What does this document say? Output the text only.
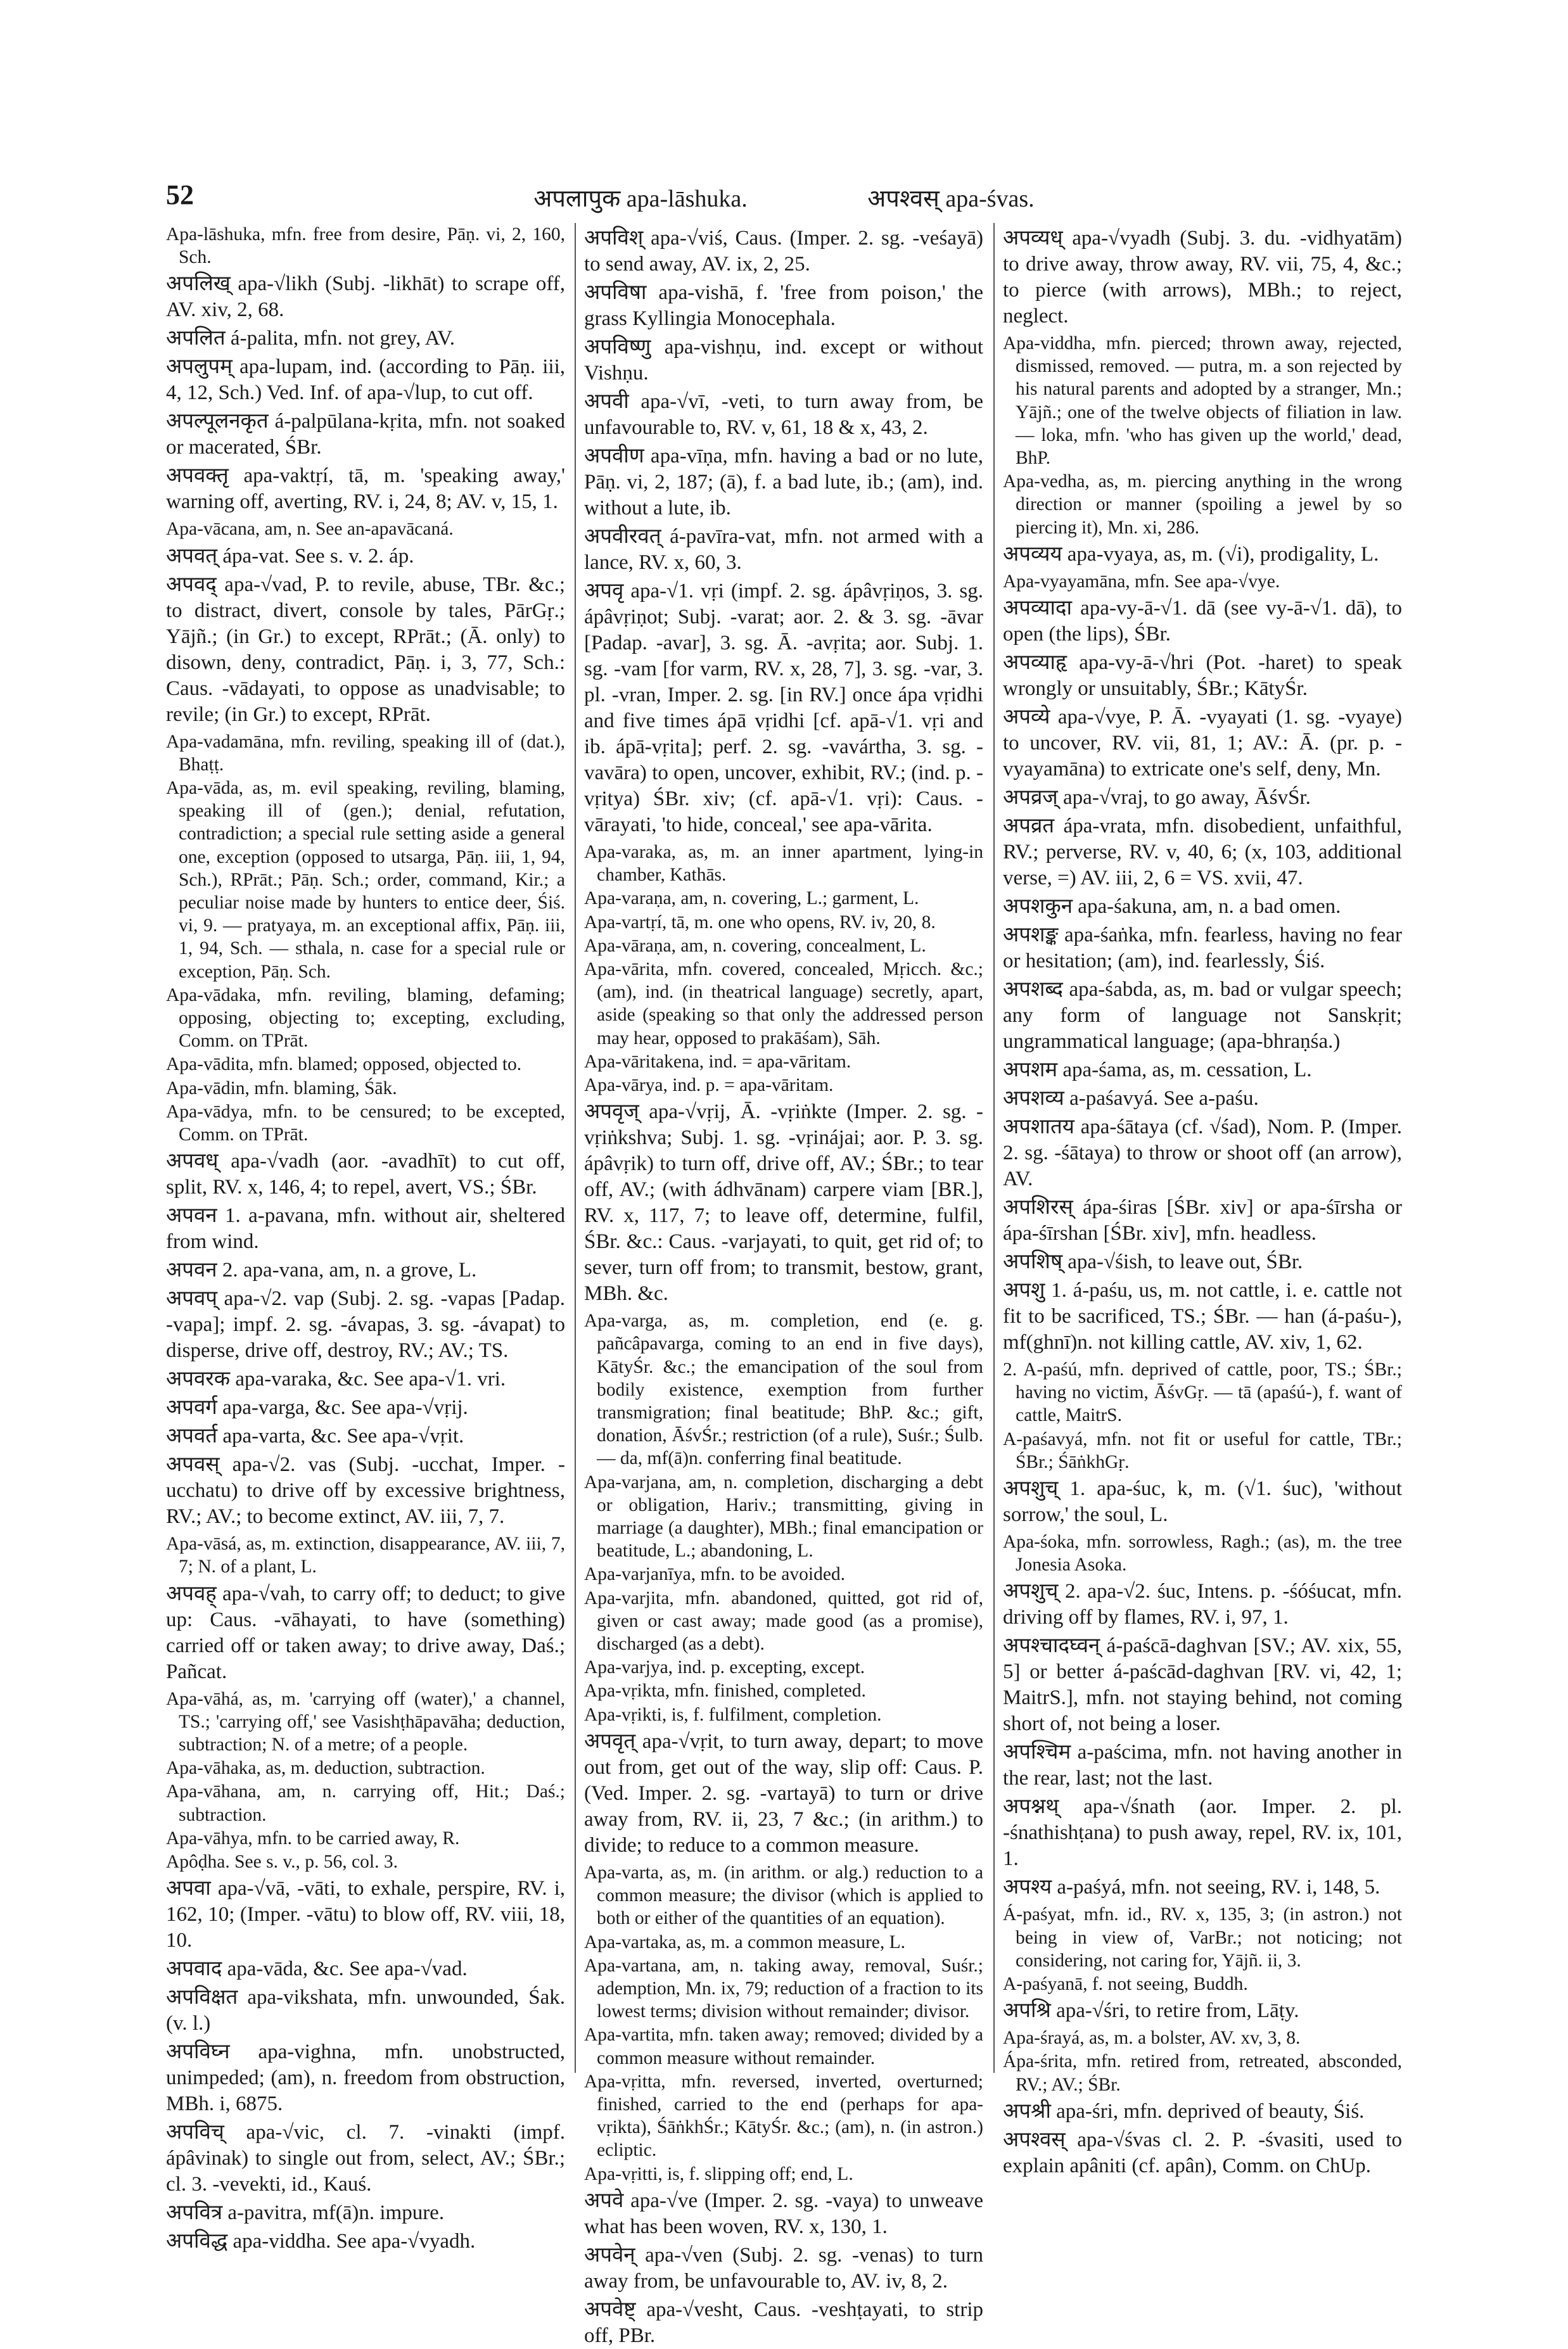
52	अपलापुक apa-lāshuka.	अपश्वस् apa-śvas.

Apa-lāshuka, mfn. free from desire, Pāṇ. vi, 2, 160, Sch.

अपलिख् apa-√likh (Subj. -likhāt) to scrape off, AV. xiv, 2, 68.

अपलित á-palita, mfn. not grey, AV.

अपलुपम् apa-lupam, ind. (according to Pāṇ. iii, 4, 12, Sch.) Ved. Inf. of apa-√lup, to cut off.

अपल्पूलनकृत á-palpūlana-kṛita, mfn. not soaked or macerated, ŚBr.

अपवक्तृ apa-vaktṛí, tā, m. 'speaking away,' warning off, averting, RV. i, 24, 8; AV. v, 15, 1.

Apa-vācana, am, n. See an-apavācaná.

अपवत् ápa-vat. See s. v. 2. áp.

अपवद् apa-√vad, P. to revile, abuse, TBr. &c.; to distract, divert, console by tales, PārGṛ.; Yājñ.; (in Gr.) to except, RPrāt.; (Ā. only) to disown, deny, contradict, Pāṇ. i, 3, 77, Sch.: Caus. -vādayati, to oppose as unadvisable; to revile; (in Gr.) to except, RPrāt.

Apa-vadamāna, mfn. reviling, speaking ill of (dat.), Bhaṭṭ.

Apa-vāda, as, m. evil speaking, reviling, blaming, speaking ill of (gen.); denial, refutation, contradiction; a special rule setting aside a general one, exception (opposed to utsarga, Pāṇ. iii, 1, 94, Sch.), RPrāt.; Pāṇ. Sch.; order, command, Kir.; a peculiar noise made by hunters to entice deer, Śiś. vi, 9. — pratyaya, m. an exceptional affix, Pāṇ. iii, 1, 94, Sch. — sthala, n. case for a special rule or exception, Pāṇ. Sch.

Apa-vādaka, mfn. reviling, blaming, defaming; opposing, objecting to; excepting, excluding, Comm. on TPrāt.

Apa-vādita, mfn. blamed; opposed, objected to.

Apa-vādin, mfn. blaming, Śāk.

Apa-vādya, mfn. to be censured; to be excepted, Comm. on TPrāt.

अपवध् apa-√vadh (aor. -avadhīt) to cut off, split, RV. x, 146, 4; to repel, avert, VS.; ŚBr.

अपवन 1. a-pavana, mfn. without air, sheltered from wind.

अपवन 2. apa-vana, am, n. a grove, L.

अपवप् apa-√2. vap (Subj. 2. sg. -vapas [Padap. -vapa]; impf. 2. sg. -ávapas, 3. sg. -ávapat) to disperse, drive off, destroy, RV.; AV.; TS.

अपवरक apa-varaka, &c. See apa-√1. vri.

अपवर्ग apa-varga, &c. See apa-√vṛij.

अपवर्त apa-varta, &c. See apa-√vṛit.

अपवस् apa-√2. vas (Subj. -ucchat, Imper. -ucchatu) to drive off by excessive brightness, RV.; AV.; to become extinct, AV. iii, 7, 7.

Apa-vāsá, as, m. extinction, disappearance, AV. iii, 7, 7; N. of a plant, L.

अपवह् apa-√vah, to carry off; to deduct; to give up: Caus. -vāhayati, to have (something) carried off or taken away; to drive away, Daś.; Pañcat.

Apa-vāhá, as, m. 'carrying off (water),' a channel, TS.; 'carrying off,' see Vasishṭhāpavāha; deduction, subtraction; N. of a metre; of a people.

Apa-vāhaka, as, m. deduction, subtraction.

Apa-vāhana, am, n. carrying off, Hit.; Daś.; subtraction.

Apa-vāhya, mfn. to be carried away, R.

Apôḍha. See s. v., p. 56, col. 3.

अपवा apa-√vā, -vāti, to exhale, perspire, RV. i, 162, 10; (Imper. -vātu) to blow off, RV. viii, 18, 10.

अपवाद apa-vāda, &c. See apa-√vad.

अपविक्षत apa-vikshata, mfn. unwounded, Śak. (v. l.)

अपविघ्न apa-vighna, mfn. unobstructed, unimpeded; (am), n. freedom from obstruction, MBh. i, 6875.

अपविच् apa-√vic, cl. 7. -vinakti (impf. ápâvinak) to single out from, select, AV.; ŚBr.; cl. 3. -vevekti, id., Kauś.

अपवित्र a-pavitra, mf(ā)n. impure.

अपविद्ध apa-viddha. See apa-√vyadh.

अपविश् apa-√viś, Caus. (Imper. 2. sg. -veśayā) to send away, AV. ix, 2, 25.

अपविषा apa-vishā, f. 'free from poison,' the grass Kyllingia Monocephala.

अपविष्णु apa-vishṇu, ind. except or without Vishṇu.

अपवी apa-√vī, -veti, to turn away from, be unfavourable to, RV. v, 61, 18 & x, 43, 2.

अपवीण apa-vīṇa, mfn. having a bad or no lute, Pāṇ. vi, 2, 187; (ā), f. a bad lute, ib.; (am), ind. without a lute, ib.

अपवीरवत् á-pavīra-vat, mfn. not armed with a lance, RV. x, 60, 3.

अपवृ apa-√1. vṛi (impf. 2. sg. ápâvṛiṇos, 3. sg. ápâvṛiṇot; Subj. -varat; aor. 2. & 3. sg. -āvar [Padap. -avar], 3. sg. Ā. -avṛita; aor. Subj. 1. sg. -vam [for varm, RV. x, 28, 7], 3. sg. -var, 3. pl. -vran, Imper. 2. sg. [in RV.] once ápa vṛidhi and five times ápā vṛidhi [cf. apā-√1. vṛi and ib. ápā-vṛita]; perf. 2. sg. -vavártha, 3. sg. -vavāra) to open, uncover, exhibit, RV.; (ind. p. -vṛitya) ŚBr. xiv; (cf. apā-√1. vṛi): Caus. -vārayati, 'to hide, conceal,' see apa-vārita.

Apa-varaka, as, m. an inner apartment, lying-in chamber, Kathās.

Apa-varaṇa, am, n. covering, L.; garment, L.

Apa-vartṛí, tā, m. one who opens, RV. iv, 20, 8.

Apa-vāraṇa, am, n. covering, concealment, L.

Apa-vārita, mfn. covered, concealed, Mṛicch. &c.; (am), ind. (in theatrical language) secretly, apart, aside (speaking so that only the addressed person may hear, opposed to prakāśam), Sāh.

Apa-vāritakena, ind. = apa-vāritam.

Apa-vārya, ind. p. = apa-vāritam.

अपवृज् apa-√vṛij, Ā. -vṛiṅkte (Imper. 2. sg. -vṛiṅkshva; Subj. 1. sg. -vṛinájai; aor. P. 3. sg. ápâvṛik) to turn off, drive off, AV.; ŚBr.; to tear off, AV.; (with ádhvānam) carpere viam [BR.], RV. x, 117, 7; to leave off, determine, fulfil, ŚBr. &c.: Caus. -varjayati, to quit, get rid of; to sever, turn off from; to transmit, bestow, grant, MBh. &c.

Apa-varga, as, m. completion, end (e. g. pañcâpavarga, coming to an end in five days), KātyŚr. &c.; the emancipation of the soul from bodily existence, exemption from further transmigration; final beatitude; BhP. &c.; gift, donation, ĀśvŚr.; restriction (of a rule), Suśr.; Śulb. — da, mf(ā)n. conferring final beatitude.

Apa-varjana, am, n. completion, discharging a debt or obligation, Hariv.; transmitting, giving in marriage (a daughter), MBh.; final emancipation or beatitude, L.; abandoning, L.

Apa-varjanīya, mfn. to be avoided.

Apa-varjita, mfn. abandoned, quitted, got rid of, given or cast away; made good (as a promise), discharged (as a debt).

Apa-varjya, ind. p. excepting, except.

Apa-vṛikta, mfn. finished, completed.

Apa-vṛikti, is, f. fulfilment, completion.

अपवृत् apa-√vṛit, to turn away, depart; to move out from, get out of the way, slip off: Caus. P. (Ved. Imper. 2. sg. -vartayā) to turn or drive away from, RV. ii, 23, 7 &c.; (in arithm.) to divide; to reduce to a common measure.

Apa-varta, as, m. (in arithm. or alg.) reduction to a common measure; the divisor (which is applied to both or either of the quantities of an equation).

Apa-vartaka, as, m. a common measure, L.

Apa-vartana, am, n. taking away, removal, Suśr.; ademption, Mn. ix, 79; reduction of a fraction to its lowest terms; division without remainder; divisor.

Apa-vartita, mfn. taken away; removed; divided by a common measure without remainder.

Apa-vṛitta, mfn. reversed, inverted, overturned; finished, carried to the end (perhaps for apa-vṛikta), ŚāṅkhŚr.; KātyŚr. &c.; (am), n. (in astron.) ecliptic.

Apa-vṛitti, is, f. slipping off; end, L.

अपवे apa-√ve (Imper. 2. sg. -vaya) to unweave what has been woven, RV. x, 130, 1.

अपवेन् apa-√ven (Subj. 2. sg. -venas) to turn away from, be unfavourable to, AV. iv, 8, 2.

अपवेष्ट् apa-√vesht, Caus. -veshṭayati, to strip off, PBr.

अपव्यध् apa-√vyadh (Subj. 3. du. -vidhyatām) to drive away, throw away, RV. vii, 75, 4, &c.; to pierce (with arrows), MBh.; to reject, neglect.

Apa-viddha, mfn. pierced; thrown away, rejected, dismissed, removed. — putra, m. a son rejected by his natural parents and adopted by a stranger, Mn.; Yājñ.; one of the twelve objects of filiation in law. — loka, mfn. 'who has given up the world,' dead, BhP.

Apa-vedha, as, m. piercing anything in the wrong direction or manner (spoiling a jewel by so piercing it), Mn. xi, 286.

अपव्यय apa-vyaya, as, m. (√i), prodigality, L.

Apa-vyayamāna, mfn. See apa-√vye.

अपव्यादा apa-vy-ā-√1. dā (see vy-ā-√1. dā), to open (the lips), ŚBr.

अपव्याहृ apa-vy-ā-√hri (Pot. -haret) to speak wrongly or unsuitably, ŚBr.; KātyŚr.

अपव्ये apa-√vye, P. Ā. -vyayati (1. sg. -vyaye) to uncover, RV. vii, 81, 1; AV.: Ā. (pr. p. -vyayamāna) to extricate one's self, deny, Mn.

अपव्रज् apa-√vraj, to go away, ĀśvŚr.

अपव्रत ápa-vrata, mfn. disobedient, unfaithful, RV.; perverse, RV. v, 40, 6; (x, 103, additional verse, =) AV. iii, 2, 6 = VS. xvii, 47.

अपशकुन apa-śakuna, am, n. a bad omen.

अपशङ्क apa-śaṅka, mfn. fearless, having no fear or hesitation; (am), ind. fearlessly, Śiś.

अपशब्द apa-śabda, as, m. bad or vulgar speech; any form of language not Sanskṛit; ungrammatical language; (apa-bhraṇśa.)

अपशम apa-śama, as, m. cessation, L.

अपशव्य a-paśavyá. See a-paśu.

अपशातय apa-śātaya (cf. √śad), Nom. P. (Imper. 2. sg. -śātaya) to throw or shoot off (an arrow), AV.

अपशिरस् ápa-śiras [ŚBr. xiv] or apa-śīrsha or ápa-śīrshan [ŚBr. xiv], mfn. headless.

अपशिष् apa-√śish, to leave out, ŚBr.

अपशु 1. á-paśu, us, m. not cattle, i. e. cattle not fit to be sacrificed, TS.; ŚBr. — han (á-paśu-), mf(ghnī)n. not killing cattle, AV. xiv, 1, 62.

2. A-paśú, mfn. deprived of cattle, poor, TS.; ŚBr.; having no victim, ĀśvGṛ. — tā (apaśú-), f. want of cattle, MaitrS.

A-paśavyá, mfn. not fit or useful for cattle, TBr.; ŚBr.; ŚāṅkhGṛ.

अपशुच् 1. apa-śuc, k, m. (√1. śuc), 'without sorrow,' the soul, L.

Apa-śoka, mfn. sorrowless, Ragh.; (as), m. the tree Jonesia Asoka.

अपशुच् 2. apa-√2. śuc, Intens. p. -śóśucat, mfn. driving off by flames, RV. i, 97, 1.

अपश्चादघ्वन् á-paścā-daghvan [SV.; AV. xix, 55, 5] or better á-paścād-daghvan [RV. vi, 42, 1; MaitrS.], mfn. not staying behind, not coming short of, not being a loser.

अपश्चिम a-paścima, mfn. not having another in the rear, last; not the last.

अपश्नथ् apa-√śnath (aor. Imper. 2. pl. -śnathishṭana) to push away, repel, RV. ix, 101, 1.

अपश्य a-paśyá, mfn. not seeing, RV. i, 148, 5.

Á-paśyat, mfn. id., RV. x, 135, 3; (in astron.) not being in view of, VarBr.; not noticing; not considering, not caring for, Yājñ. ii, 3.

A-paśyanā, f. not seeing, Buddh.

अपश्रि apa-√śri, to retire from, Lāṭy.

Apa-śrayá, as, m. a bolster, AV. xv, 3, 8.

Ápa-śrita, mfn. retired from, retreated, absconded, RV.; AV.; ŚBr.

अपश्री apa-śri, mfn. deprived of beauty, Śiś.

अपश्वस् apa-√śvas cl. 2. P. -śvasiti, used to explain apâniti (cf. apân), Comm. on ChUp.
